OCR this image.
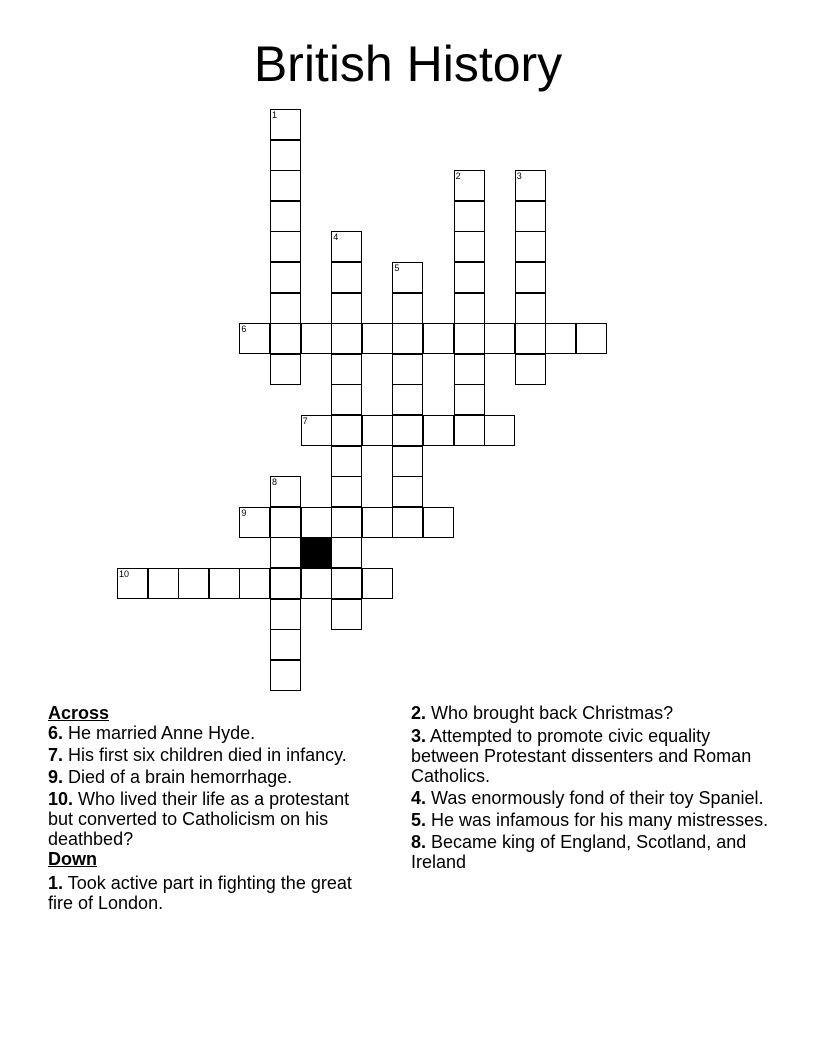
British History
1
2	3
4
5
6
7
8
9
10

Across

6. He married Anne Hyde.

7. His first six children died in infancy.

9. Died of a brain hemorrhage.

10. Who lived their life as a protestant but converted to Catholicism on his deathbed?

Down

1. Took active part in fighting the great fire of London.

2. Who brought back Christmas?

3. Attempted to promote civic equality between Protestant dissenters and Roman Catholics.

4. Was enormously fond of their toy Spaniel.

5. He was infamous for his many mistresses.

8. Became king of England, Scotland, and Ireland
